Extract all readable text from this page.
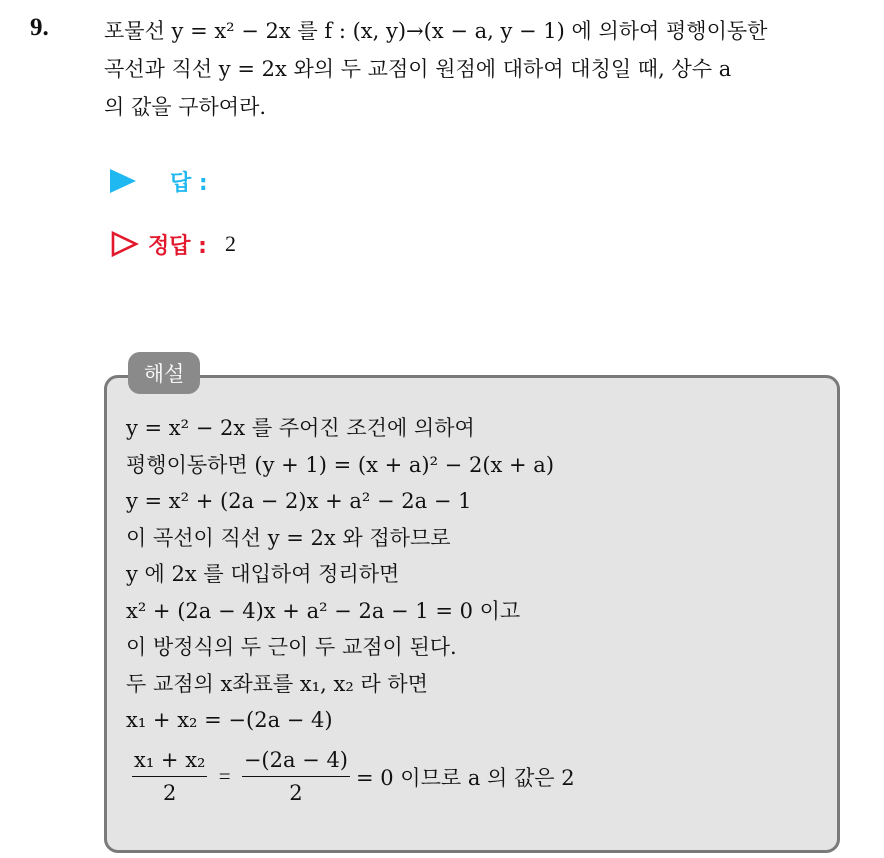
9.	포물선 y = x² − 2x 를 f : (x, y)→(x − a, y − 1) 에 의하여 평행이동한
곡선과 직선 y = 2x 와의 두 교점이 원점에 대하여 대칭일 때, 상수 a
의 값을 구하여라.
답 :
정답 : 2
해설
y = x² − 2x 를 주어진 조건에 의하여
평행이동하면 (y + 1) = (x + a)² − 2(x + a)
y = x² + (2a − 2)x + a² − 2a − 1
이 곡선이 직선 y = 2x 와 접하므로
y 에 2x 를 대입하여 정리하면
x² + (2a − 4)x + a² − 2a − 1 = 0 이고
이 방정식의 두 근이 두 교점이 된다.
두 교점의 x좌표를 x₁, x₂ 라 하면
x₁ + x₂ = −(2a − 4)
$\frac{\text{x₁ + x₂}}{2} = \frac{-(2a - 4)}{2} = 0$ 이므로 a 의 값은 2
